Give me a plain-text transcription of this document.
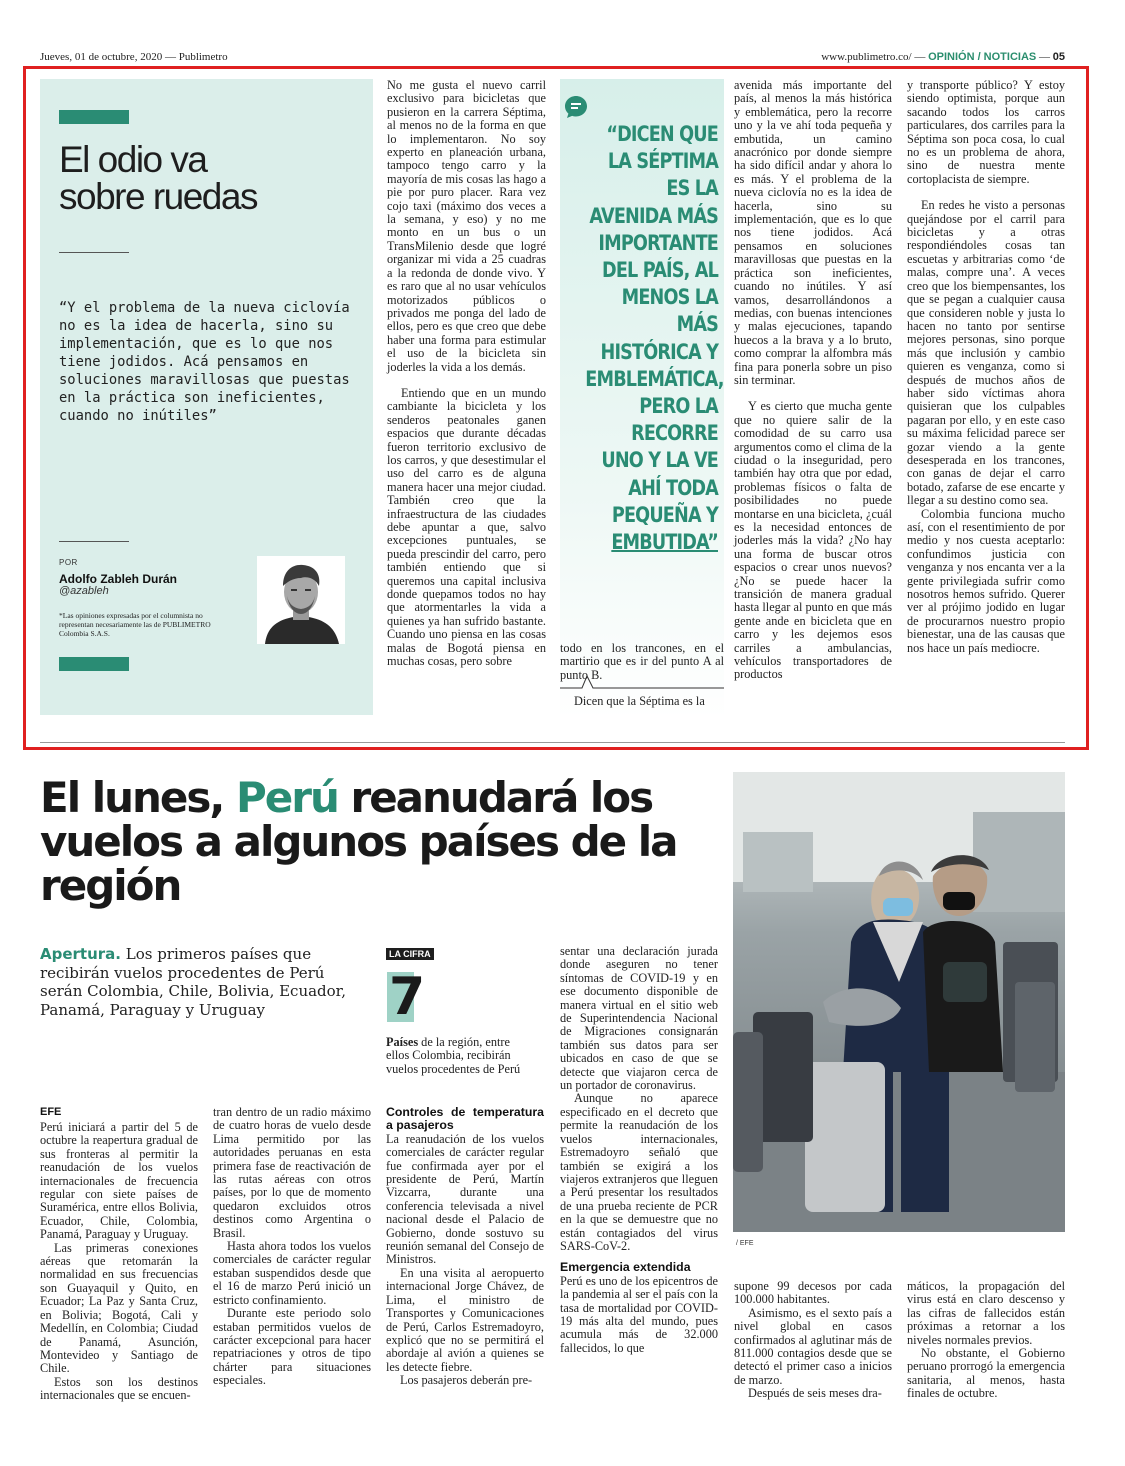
Jueves, 01 de octubre, 2020 — Publimetro	www.publimetro.co/ — OPINIÓN / NOTICIAS — 05
El odio va
sobre ruedas
“Y el problema de la nueva ciclovía no es la idea de hacerla, sino su implementación, que es lo que nos tiene jodidos. Acá pensamos en soluciones maravillosas que puestas en la práctica son ineficientes, cuando no inútiles”
POR
Adolfo Zableh Durán
@azableh
*Las opiniones expresadas por el columnista no representan necesariamente las de PUBLIMETRO Colombia S.A.S.

No me gusta el nuevo carril exclusivo para bicicletas que pusieron en la carrera Séptima, al menos no de la forma en que lo implementaron. No soy experto en planeación urbana, tampoco tengo carro y la mayoría de mis cosas las hago a pie por puro placer. Rara vez cojo taxi (máximo dos veces a la semana, y eso) y no me monto en un bus o un TransMilenio desde que logré organizar mi vida a 25 cuadras a la redonda de donde vivo. Y es raro que al no usar vehículos motorizados públicos o privados me ponga del lado de ellos, pero es que creo que debe haber una forma para estimular el uso de la bicicleta sin joderles la vida a los demás.

Entiendo que en un mundo cambiante la bicicleta y los senderos peatonales ganen espacios que durante décadas fueron territorio exclusivo de los carros, y que desestimular el uso del carro es de alguna manera hacer una mejor ciudad. También creo que la infraestructura de las ciudades debe apuntar a que, salvo excepciones puntuales, se pueda prescindir del carro, pero también entiendo que si queremos una capital inclusiva donde quepamos todos no hay que atormentarles la vida a quienes ya han sufrido bastante. Cuando uno piensa en las cosas malas de Bogotá piensa en muchas cosas, pero sobre

“DICEN QUE LA SÉPTIMA ES LA AVENIDA MÁS IMPORTANTE DEL PAÍS, AL MENOS LA MÁS HISTÓRICA Y EMBLEMÁTICA, PERO LA RECORRE UNO Y LA VE AHÍ TODA PEQUEÑA Y EMBUTIDA”

todo en los trancones, en el martirio que es ir del punto A al punto B.

Dicen que la Séptima es la

avenida más importante del país, al menos la más histórica y emblemática, pero la recorre uno y la ve ahí toda pequeña y embutida, un camino anacrónico por donde siempre ha sido difícil andar y ahora lo es más. Y el problema de la nueva ciclovía no es la idea de hacerla, sino su implementación, que es lo que nos tiene jodidos. Acá pensamos en soluciones maravillosas que puestas en la práctica son ineficientes, cuando no inútiles. Y así vamos, desarrollándonos a medias, con buenas intenciones y malas ejecuciones, tapando huecos a la brava y a lo bruto, como comprar la alfombra más fina para ponerla sobre un piso sin terminar.

Y es cierto que mucha gente que no quiere salir de la comodidad de su carro usa argumentos como el clima de la ciudad o la inseguridad, pero también hay otra que por edad, problemas físicos o falta de posibilidades no puede montarse en una bicicleta, ¿cuál es la necesidad entonces de joderles más la vida? ¿No hay una forma de buscar otros espacios o crear unos nuevos? ¿No se puede hacer la transición de manera gradual hasta llegar al punto en que más gente ande en bicicleta que en carro y les dejemos esos carriles a ambulancias, vehículos transportadores de productos

y transporte público? Y estoy siendo optimista, porque aun sacando todos los carros particulares, dos carriles para la Séptima son poca cosa, lo cual no es un problema de ahora, sino de nuestra mente cortoplacista de siempre.

En redes he visto a personas quejándose por el carril para bicicletas y a otras respondiéndoles cosas tan escuetas y arbitrarias como ‘de malas, compre una’. A veces creo que los biempensantes, los que se pegan a cualquier causa que consideren noble y justa lo hacen no tanto por sentirse mejores personas, sino porque más que inclusión y cambio quieren es venganza, como si después de muchos años de haber sido víctimas ahora quisieran que los culpables pagaran por ello, y en este caso su máxima felicidad parece ser gozar viendo a la gente desesperada en los trancones, con ganas de dejar el carro botado, zafarse de ese encarte y llegar a su destino como sea.

Colombia funciona mucho así, con el resentimiento de por medio y nos cuesta aceptarlo: confundimos justicia con venganza y nos encanta ver a la gente privilegiada sufrir como nosotros hemos sufrido. Querer ver al prójimo jodido en lugar de procurarnos nuestro propio bienestar, una de las causas que nos hace un país mediocre.

El lunes, Perú reanudará los vuelos a algunos países de la región
Apertura. Los primeros países que recibirán vuelos procedentes de Perú serán Colombia, Chile, Bolivia, Ecuador, Panamá, Paraguay y Uruguay
LA CIFRA
7
Países de la región, entre ellos Colombia, recibirán vuelos procedentes de Perú
EFE

Perú iniciará a partir del 5 de octubre la reapertura gradual de sus fronteras al permitir la reanudación de los vuelos internacionales de frecuencia regular con siete países de Suramérica, entre ellos Bolivia, Ecuador, Chile, Colombia, Panamá, Paraguay y Uruguay.

Las primeras conexiones aéreas que retomarán la normalidad en sus frecuencias son Guayaquil y Quito, en Ecuador; La Paz y Santa Cruz, en Bolivia; Bogotá, Cali y Medellín, en Colombia; Ciudad de Panamá, Asunción, Montevideo y Santiago de Chile.

Estos son los destinos internacionales que se encuen-

tran dentro de un radio máximo de cuatro horas de vuelo desde Lima permitido por las autoridades peruanas en esta primera fase de reactivación de las rutas aéreas con otros países, por lo que de momento quedaron excluidos otros destinos como Argentina o Brasil.

Hasta ahora todos los vuelos comerciales de carácter regular estaban suspendidos desde que el 16 de marzo Perú inició un estricto confinamiento.

Durante este periodo solo estaban permitidos vuelos de carácter excepcional para hacer repatriaciones y otros de tipo chárter para situaciones especiales.

Controles de temperatura a pasajeros

La reanudación de los vuelos comerciales de carácter regular fue confirmada ayer por el presidente de Perú, Martín Vizcarra, durante una conferencia televisada a nivel nacional desde el Palacio de Gobierno, donde sostuvo su reunión semanal del Consejo de Ministros.

En una visita al aeropuerto internacional Jorge Chávez, de Lima, el ministro de Transportes y Comunicaciones de Perú, Carlos Estremadoyro, explicó que no se permitirá el abordaje al avión a quienes se les detecte fiebre.

Los pasajeros deberán pre-

sentar una declaración jurada donde aseguren no tener síntomas de COVID-19 y en ese documento disponible de manera virtual en el sitio web de Superintendencia Nacional de Migraciones consignarán también sus datos para ser ubicados en caso de que se detecte que viajaron cerca de un portador de coronavirus.

Aunque no aparece especificado en el decreto que permite la reanudación de los vuelos internacionales, Estremadoyro señaló que también se exigirá a los viajeros extranjeros que lleguen a Perú presentar los resultados de una prueba reciente de PCR en la que se demuestre que no están contagiados del virus SARS-CoV-2.

Emergencia extendida

Perú es uno de los epicentros de la pandemia al ser el país con la tasa de mortalidad por COVID-19 más alta del mundo, pues acumula más de 32.000 fallecidos, lo que

/ EFE

supone 99 decesos por cada 100.000 habitantes.

Asimismo, es el sexto país a nivel global en casos confirmados al aglutinar más de 811.000 contagios desde que se detectó el primer caso a inicios de marzo.

Después de seis meses dra-

máticos, la propagación del virus está en claro descenso y las cifras de fallecidos están próximas a retornar a los niveles normales previos.

No obstante, el Gobierno peruano prorrogó la emergencia sanitaria, al menos, hasta finales de octubre.
